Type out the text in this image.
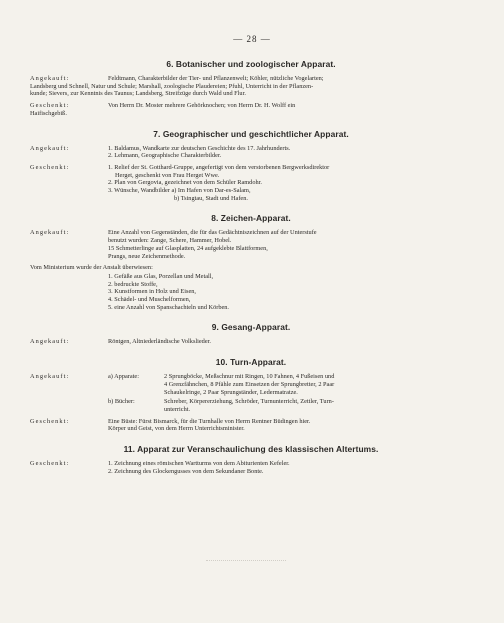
— 28 —
6. Botanischer und zoologischer Apparat.
Angekauft:	Feldtmann, Charakterbilder der Tier- und Pflanzenwelt; Köhler, nützliche Vogelarten;
Landsberg und Schnell, Natur und Schule; Marshall, zoologische Plaudereien; Pfuhl, Unterricht in der Pflanzen-
kunde; Sievers, zur Kenntnis des Taunus; Landsberg, Streifzüge durch Wald und Flur.
Geschenkt:	Von Herrn Dr. Moster mehrere Gehörknochen; von Herrn Dr. H. Wolff ein
Haifischgebiß.
7. Geographischer und geschichtlicher Apparat.
Angekauft:	1. Baldamus, Wandkarte zur deutschen Geschichte des 17. Jahrhunderts.
2. Lehmann, Geographische Charakterbilder.
Geschenkt:	1. Relief der St. Gotthard-Gruppe, angefertigt von dem verstorbenen Bergwerksdirektor
Herget, geschenkt von Frau Herget Wwe.
2. Plan von Gergovia, gezeichnet von dem Schüler Ramdohr.
3. Wünsche, Wandbilder a) Im Hafen von Dar-es-Salam,
b) Tsingtau, Stadt und Hafen.
8. Zeichen-Apparat.
Angekauft:	Eine Anzahl von Gegenständen, die für das Gedächtniszeichnen auf der Unterstufe
benutzt wurden: Zange, Schere, Hammer, Hobel.
15 Schmetterlinge auf Glasplatten, 24 aufgeklebte Blattformen,
Prangs, neue Zeichenmethode.
Vom Ministerium wurde der Anstalt überwiesen:
1. Gefäße aus Glas, Porzellan und Metall,
2. bedruckte Stoffe,
3. Kunstformen in Holz und Eisen,
4. Schädel- und Muschelformen,
5. eine Anzahl von Spanschachteln und Körben.
9. Gesang-Apparat.
Angekauft:	Röntgen, Altniederländische Volkslieder.
10. Turn-Apparat.
Angekauft:	a) Apparate:	2 Sprungböcke, Meßschnur mit Ringen, 10 Fahnen, 4 Fußeisen und
4 Grenzfähnchen, 8 Pfähle zum Einsetzen der Sprungbretter, 2 Paar
Schaukelringe, 2 Paar Sprungständer, Ledermatratze.
b) Bücher:	Schreber, Körpererziehung, Schröder, Turnunterricht, Zettler, Turn-
unterricht.
Geschenkt:	Eine Büste: Fürst Bismarck, für die Turnhalle von Herrn Rentner Büdingen hier.
Körper und Geist, von dem Herrn Unterrichtsminister.
11. Apparat zur Veranschaulichung des klassischen Altertums.
Geschenkt:	1. Zeichnung eines römischen Wartturms von dem Abiturienten Kefeler.
2. Zeichnung des Glockengusses von dem Sekundaner Bonte.
